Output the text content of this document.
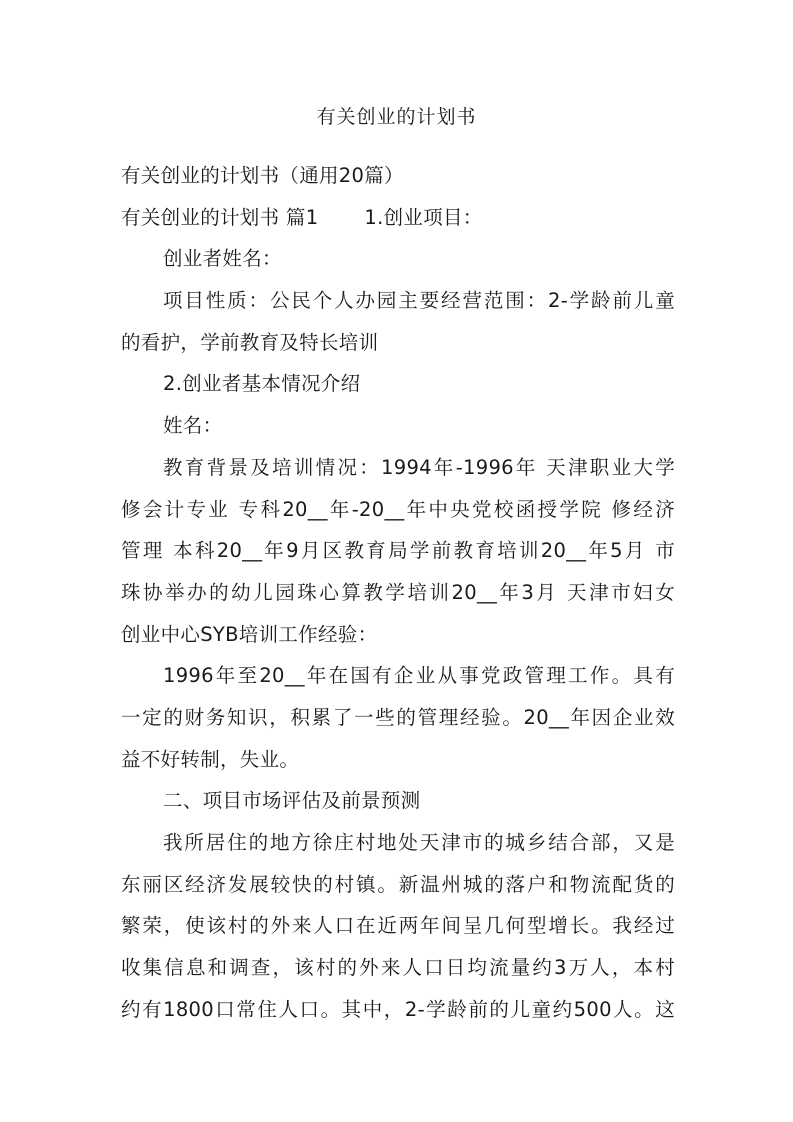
有关创业的计划书
有关创业的计划书（通用20篇）
有关创业的计划书 篇1 1.创业项目：
创业者姓名：
项目性质：公民个人办园主要经营范围：2-学龄前儿童
的看护，学前教育及特长培训
2.创业者基本情况介绍
姓名：
教育背景及培训情况：1994年-1996年 天津职业大学
修会计专业 专科20__年-20__年中央党校函授学院 修经济
管理 本科20__年9月区教育局学前教育培训20__年5月 市
珠协举办的幼儿园珠心算教学培训20__年3月 天津市妇女
创业中心SYB培训工作经验：
1996年至20__年在国有企业从事党政管理工作。具有
一定的财务知识，积累了一些的管理经验。20__年因企业效
益不好转制，失业。
二、项目市场评估及前景预测
我所居住的地方徐庄村地处天津市的城乡结合部，又是
东丽区经济发展较快的村镇。新温州城的落户和物流配货的
繁荣，使该村的外来人口在近两年间呈几何型增长。我经过
收集信息和调查，该村的外来人口日均流量约3万人，本村
约有1800口常住人口。其中，2-学龄前的儿童约500人。这
